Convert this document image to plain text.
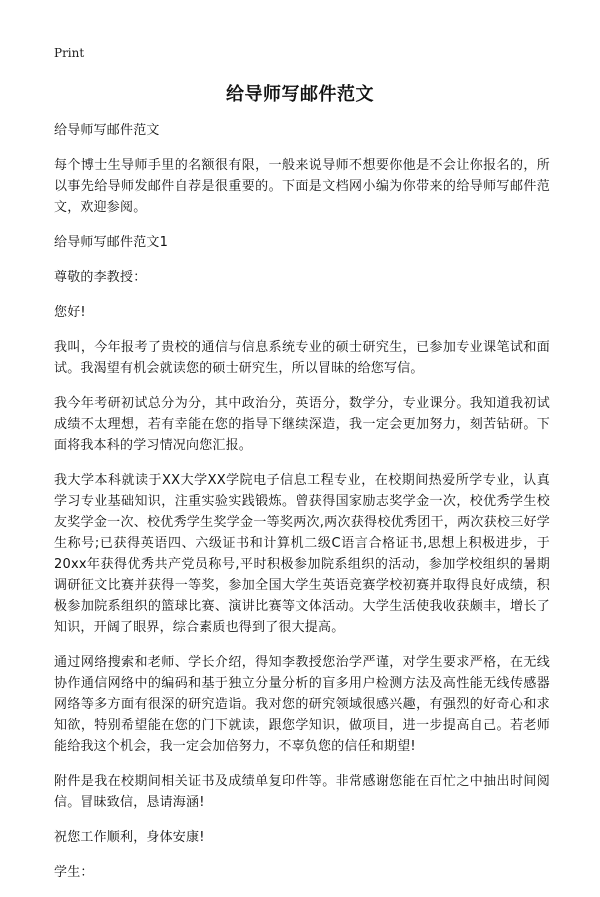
Print
给导师写邮件范文

给导师写邮件范文

每个博士生导师手里的名额很有限，一般来说导师不想要你他是不会让你报名的，所以事先给导师发邮件自荐是很重要的。下面是文档网小编为你带来的给导师写邮件范文，欢迎参阅。

给导师写邮件范文1

尊敬的李教授：

您好!

我叫，今年报考了贵校的通信与信息系统专业的硕士研究生，已参加专业课笔试和面试。我渴望有机会就读您的硕士研究生，所以冒昧的给您写信。

我今年考研初试总分为分，其中政治分，英语分，数学分，专业课分。我知道我初试成绩不太理想，若有幸能在您的指导下继续深造，我一定会更加努力，刻苦钻研。下面将我本科的学习情况向您汇报。

我大学本科就读于XX大学XX学院电子信息工程专业，在校期间热爱所学专业，认真学习专业基础知识，注重实验实践锻炼。曾获得国家励志奖学金一次，校优秀学生校友奖学金一次、校优秀学生奖学金一等奖两次,两次获得校优秀团干，两次获校三好学生称号;已获得英语四、六级证书和计算机二级C语言合格证书,思想上积极进步，于20xx年获得优秀共产党员称号,平时积极参加院系组织的活动，参加学校组织的暑期调研征文比赛并获得一等奖，参加全国大学生英语竞赛学校初赛并取得良好成绩，积极参加院系组织的篮球比赛、演讲比赛等文体活动。大学生活使我收获颇丰，增长了知识，开阔了眼界，综合素质也得到了很大提高。

通过网络搜索和老师、学长介绍，得知李教授您治学严谨，对学生要求严格，在无线协作通信网络中的编码和基于独立分量分析的盲多用户检测方法及高性能无线传感器网络等多方面有很深的研究造诣。我对您的研究领域很感兴趣，有强烈的好奇心和求知欲，特别希望能在您的门下就读，跟您学知识，做项目，进一步提高自己。若老师能给我这个机会，我一定会加倍努力，不辜负您的信任和期望!

附件是我在校期间相关证书及成绩单复印件等。非常感谢您能在百忙之中抽出时间阅信。冒昧致信，恳请海涵!

祝您工作顺利，身体安康!

学生：
